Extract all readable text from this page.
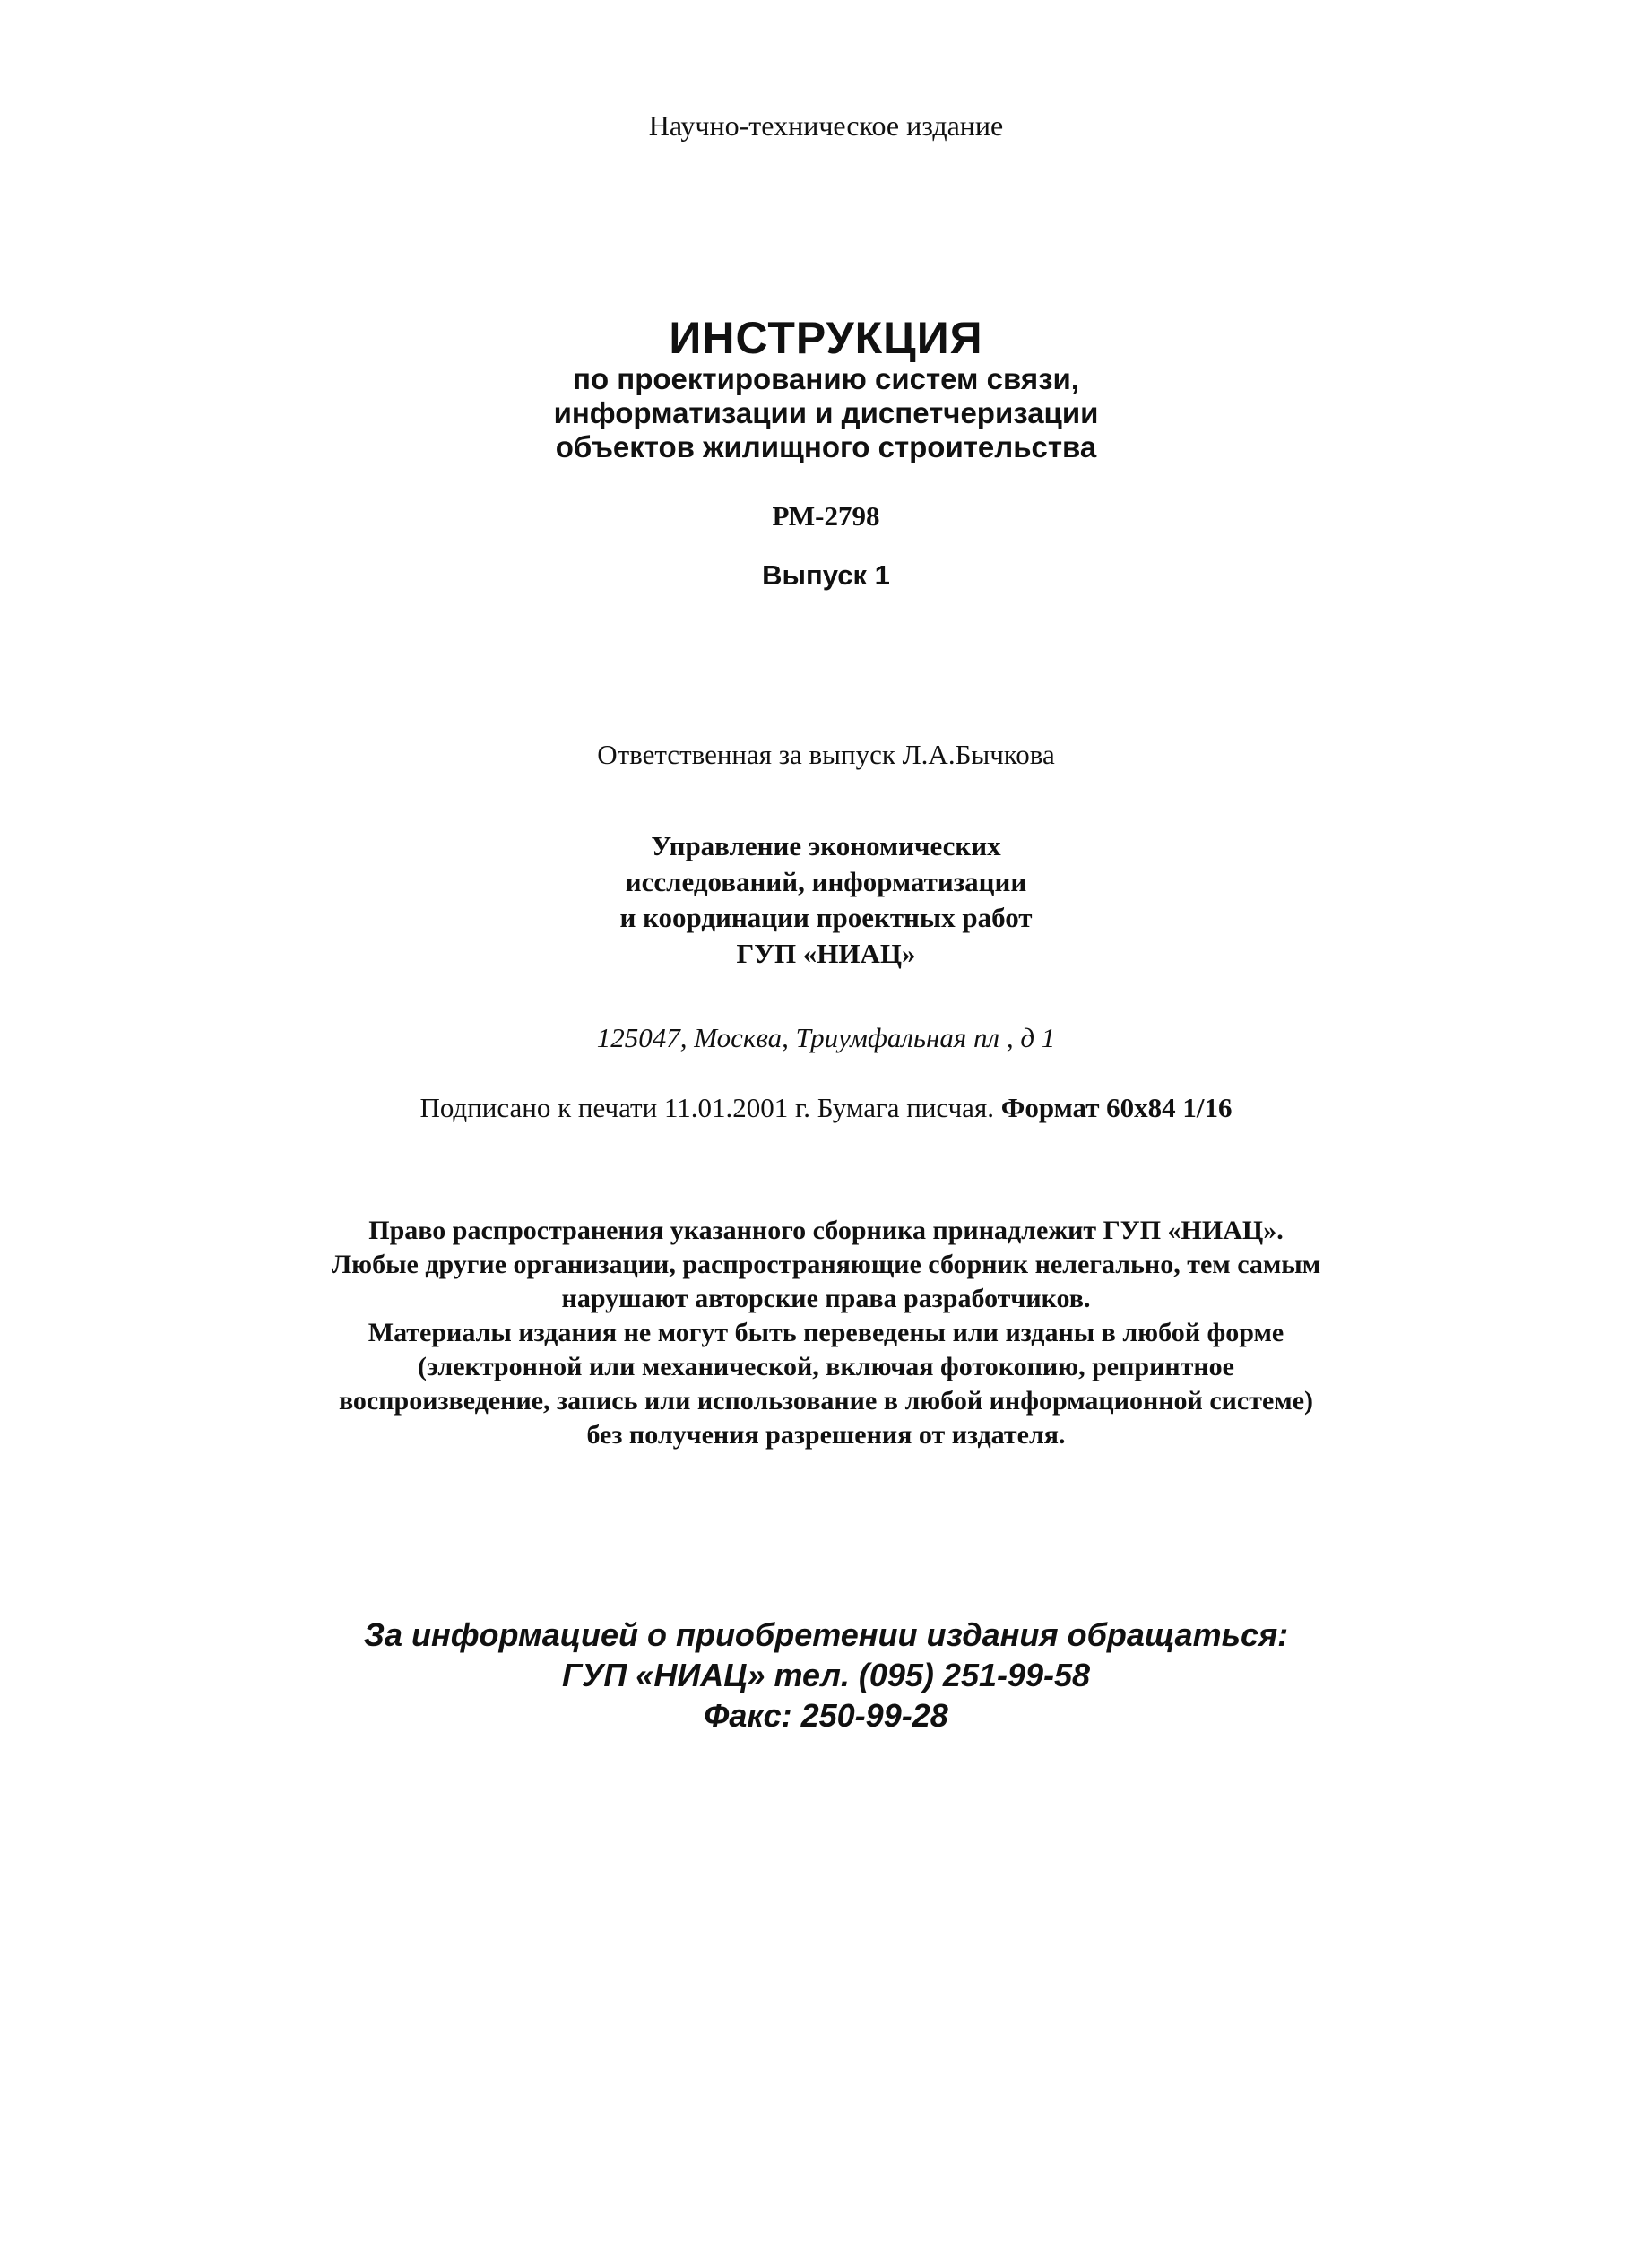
Научно-техническое издание
ИНСТРУКЦИЯ
по проектированию систем связи,
информатизации и диспетчеризации
объектов жилищного строительства
РМ-2798
Выпуск 1
Ответственная за выпуск Л.А.Бычкова
Управление экономических
исследований, информатизации
и координации проектных работ
ГУП «НИАЦ»
125047, Москва, Триумфальная пл , д 1
Подписано к печати 11.01.2001 г. Бумага писчая. Формат 60х84 1/16
Право распространения указанного сборника принадлежит ГУП «НИАЦ».
Любые другие организации, распространяющие сборник нелегально, тем самым
нарушают авторские права разработчиков.
Материалы издания не могут быть переведены или изданы в любой форме
(электронной или механической, включая фотокопию, репринтное
воспроизведение, запись или использование в любой информационной системе)
без получения разрешения от издателя.
За информацией о приобретении издания обращаться:
ГУП «НИАЦ» тел. (095) 251-99-58
Факс: 250-99-28
